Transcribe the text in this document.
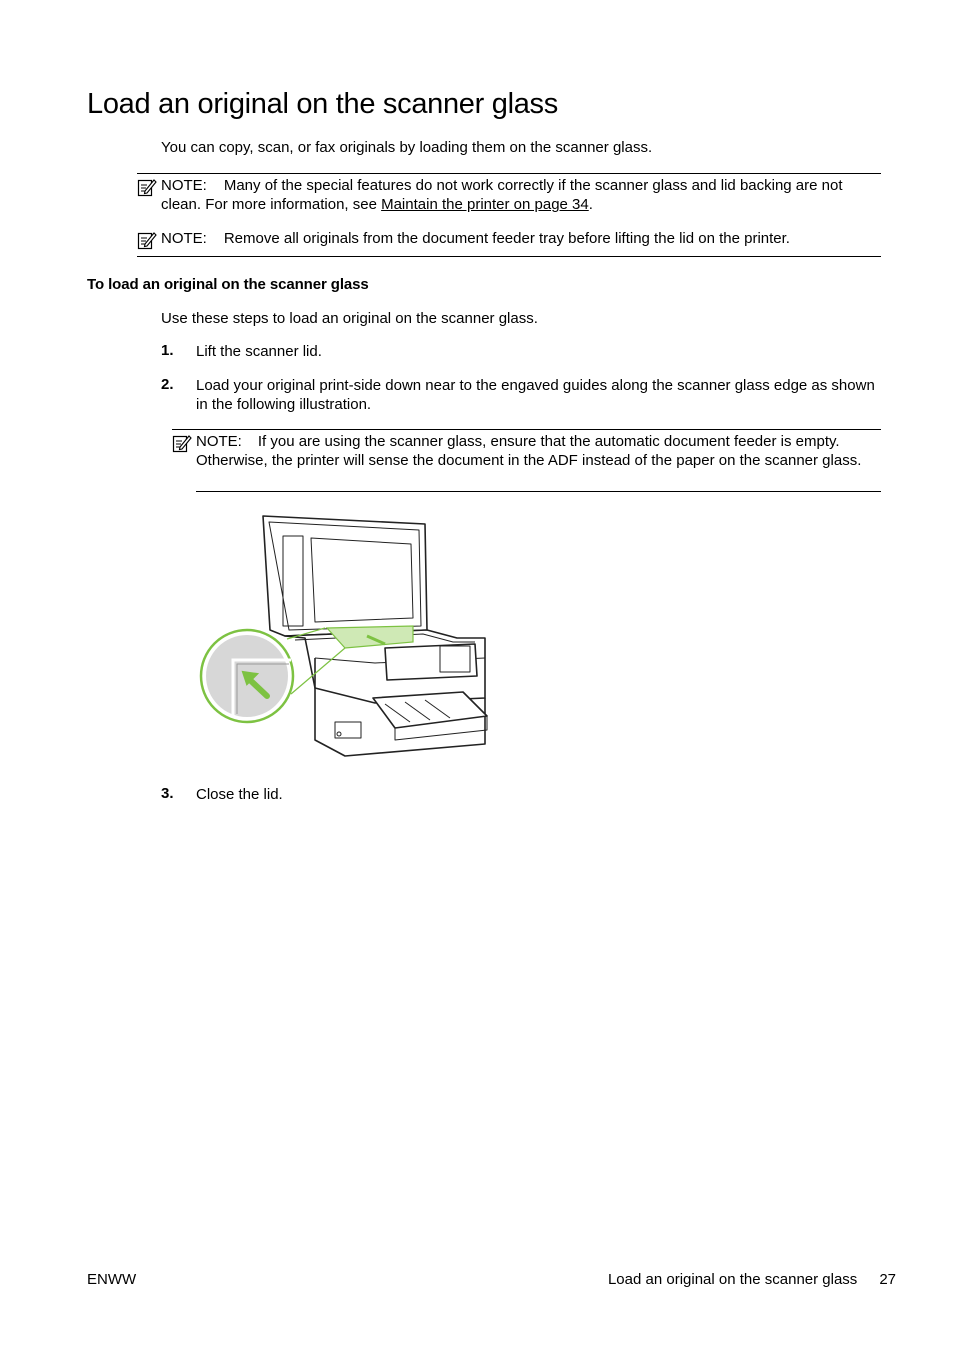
Load an original on the scanner glass
You can copy, scan, or fax originals by loading them on the scanner glass.
NOTE: Many of the special features do not work correctly if the scanner glass and lid backing are not clean. For more information, see Maintain the printer on page 34.
NOTE: Remove all originals from the document feeder tray before lifting the lid on the printer.
To load an original on the scanner glass
Use these steps to load an original on the scanner glass.
1. Lift the scanner lid.
2. Load your original print-side down near to the engaved guides along the scanner glass edge as shown in the following illustration.
NOTE: If you are using the scanner glass, ensure that the automatic document feeder is empty. Otherwise, the printer will sense the document in the ADF instead of the paper on the scanner glass.
3. Close the lid.
ENWW	Load an original on the scanner glass 27
